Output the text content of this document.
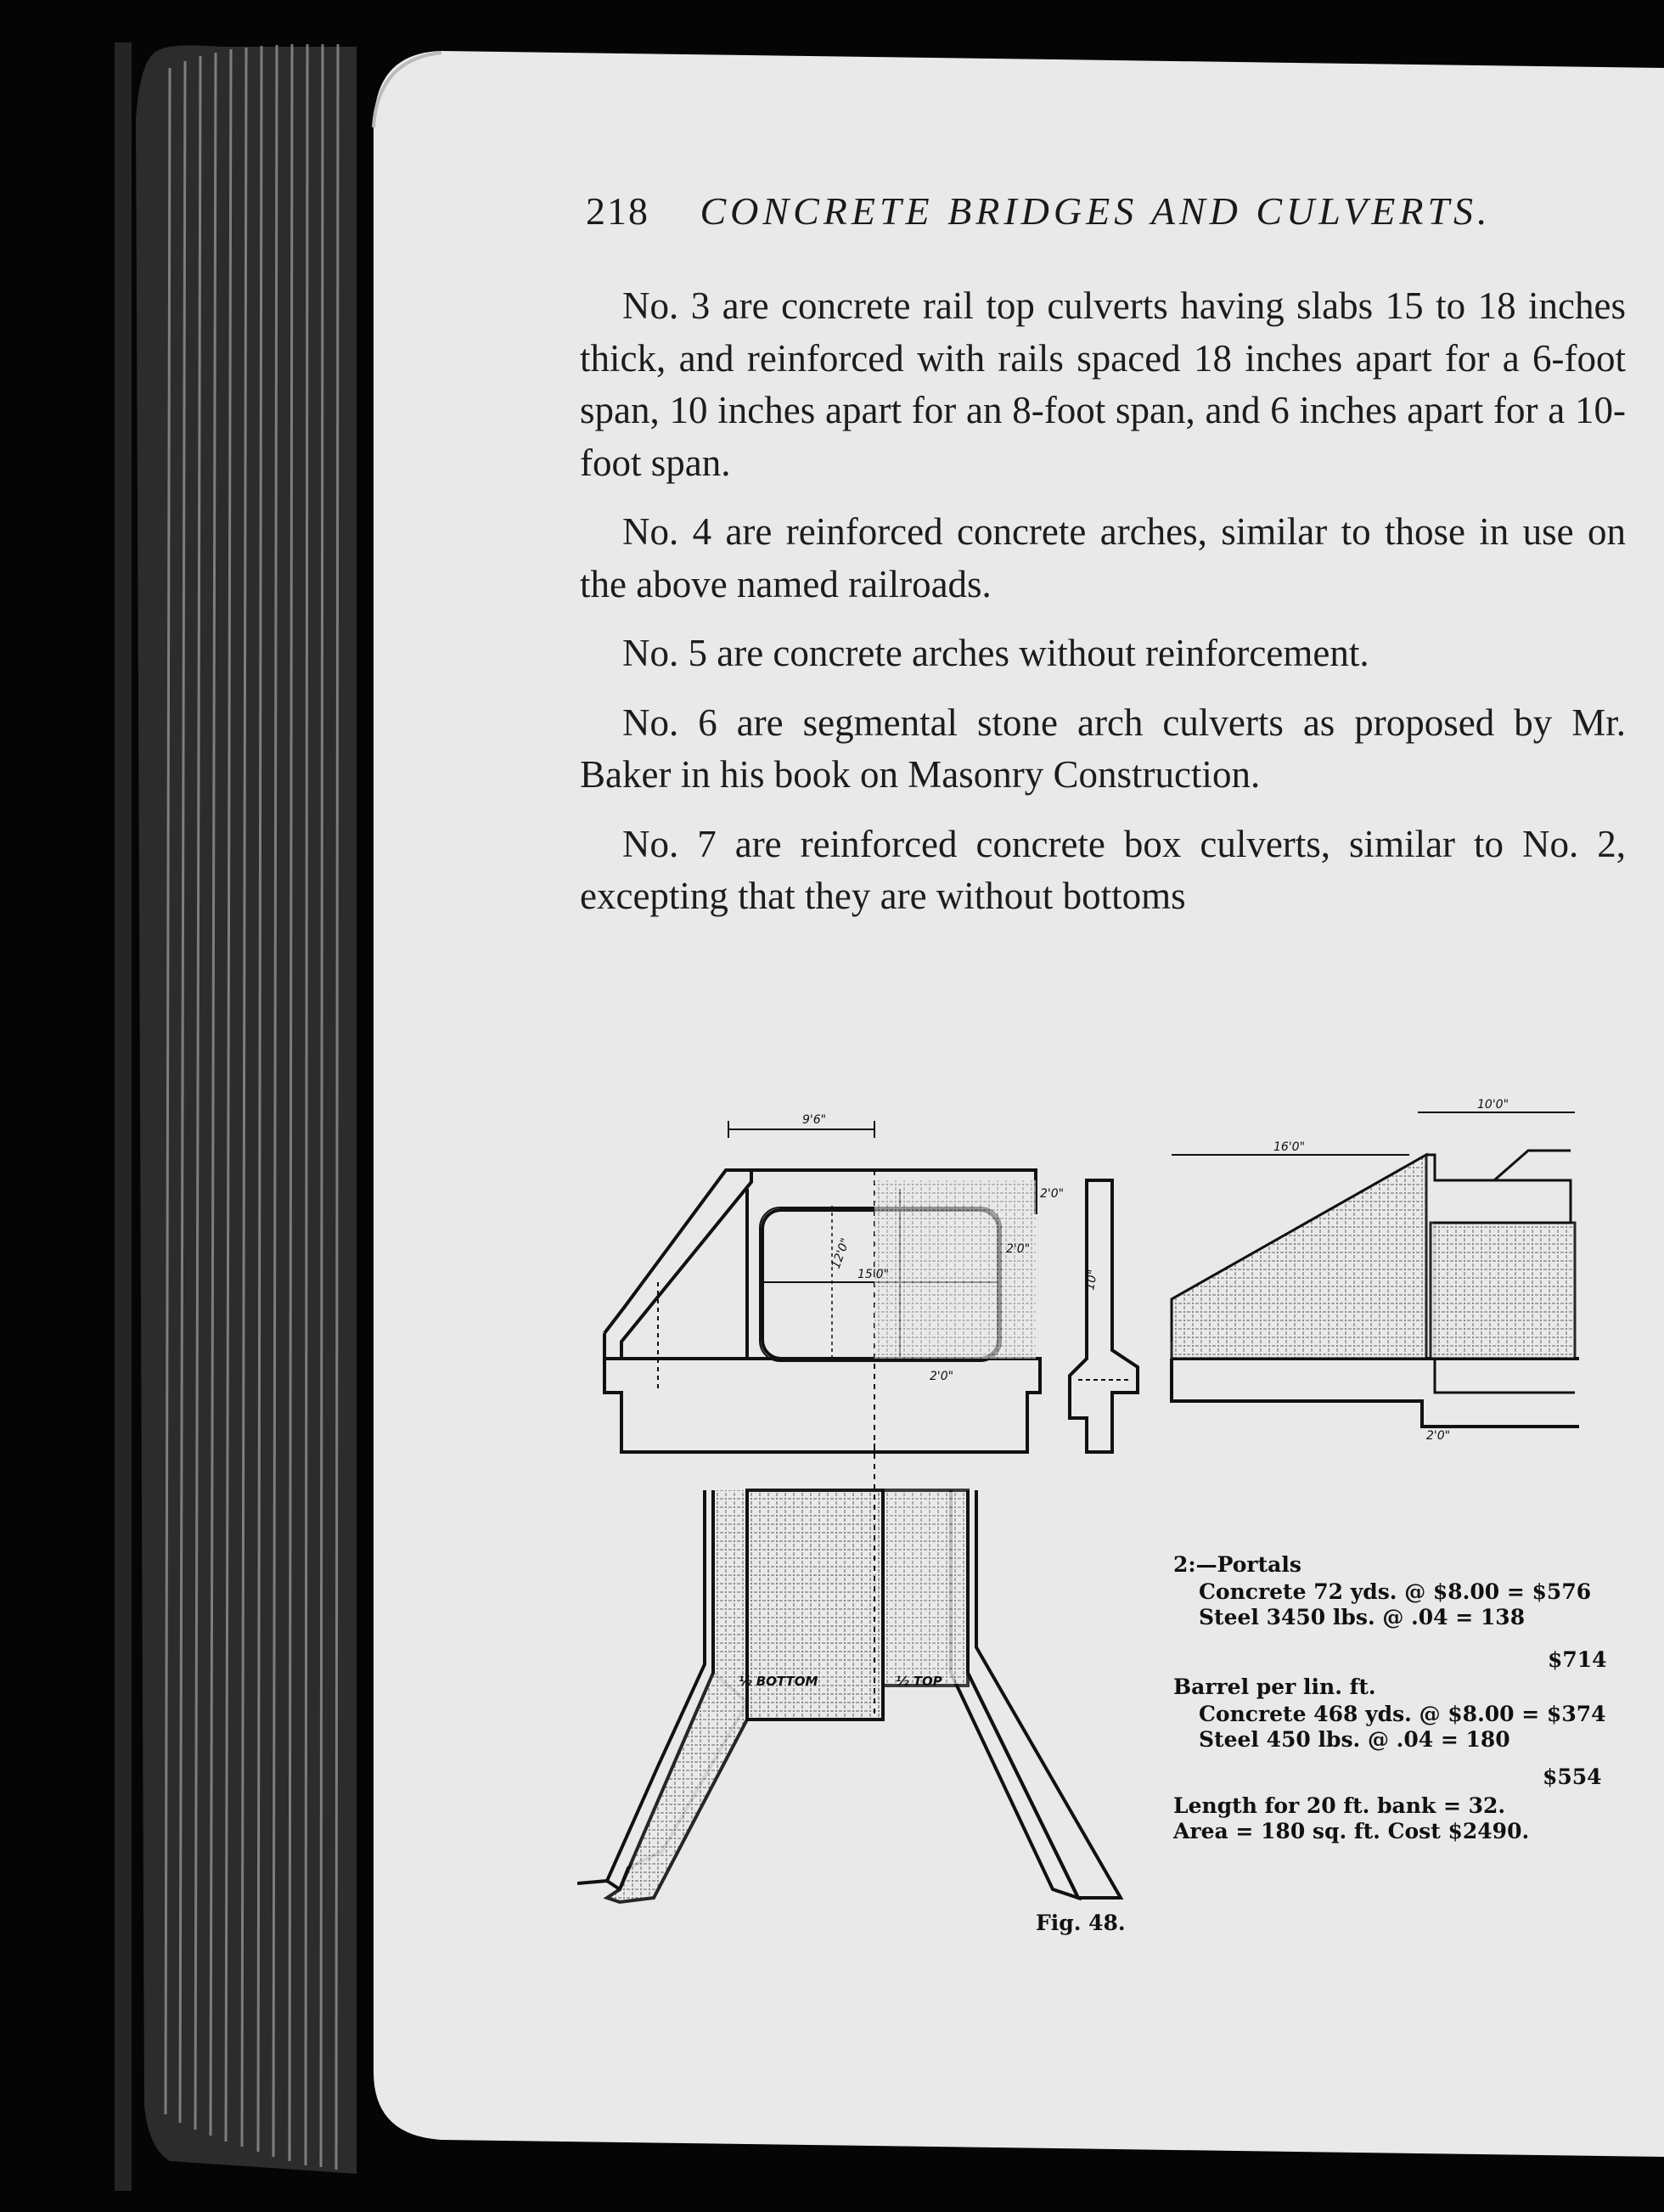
218 CONCRETE BRIDGES AND CULVERTS.

No. 3 are concrete rail top culverts having slabs 15 to 18 inches thick, and reinforced with rails spaced 18 inches apart for a 6-foot span, 10 inches apart for an 8-foot span, and 6 inches apart for a 10-foot span.

No. 4 are reinforced concrete arches, similar to those in use on the above named railroads.

No. 5 are concrete arches without reinforcement.

No. 6 are segmental stone arch culverts as proposed by Mr. Baker in his book on Masonry Construction.

No. 7 are reinforced concrete box culverts, similar to No. 2, excepting that they are without bottoms

9'6"
12'0"
15'0"
2'0"
2'0"
2'0"
10"
16'0"
10'0"
2'0"
½ BOTTOM	½ TOP
2:—Portals
Concrete 72 yds. @ $8.00 = $576
Steel 3450 lbs. @ .04 = 138
$714
Barrel per lin. ft.
Concrete 468 yds. @ $8.00 = $374
Steel 450 lbs. @ .04 = 180
$554
Length for 20 ft. bank = 32.
Area = 180 sq. ft. Cost $2490.
Fig. 48.
